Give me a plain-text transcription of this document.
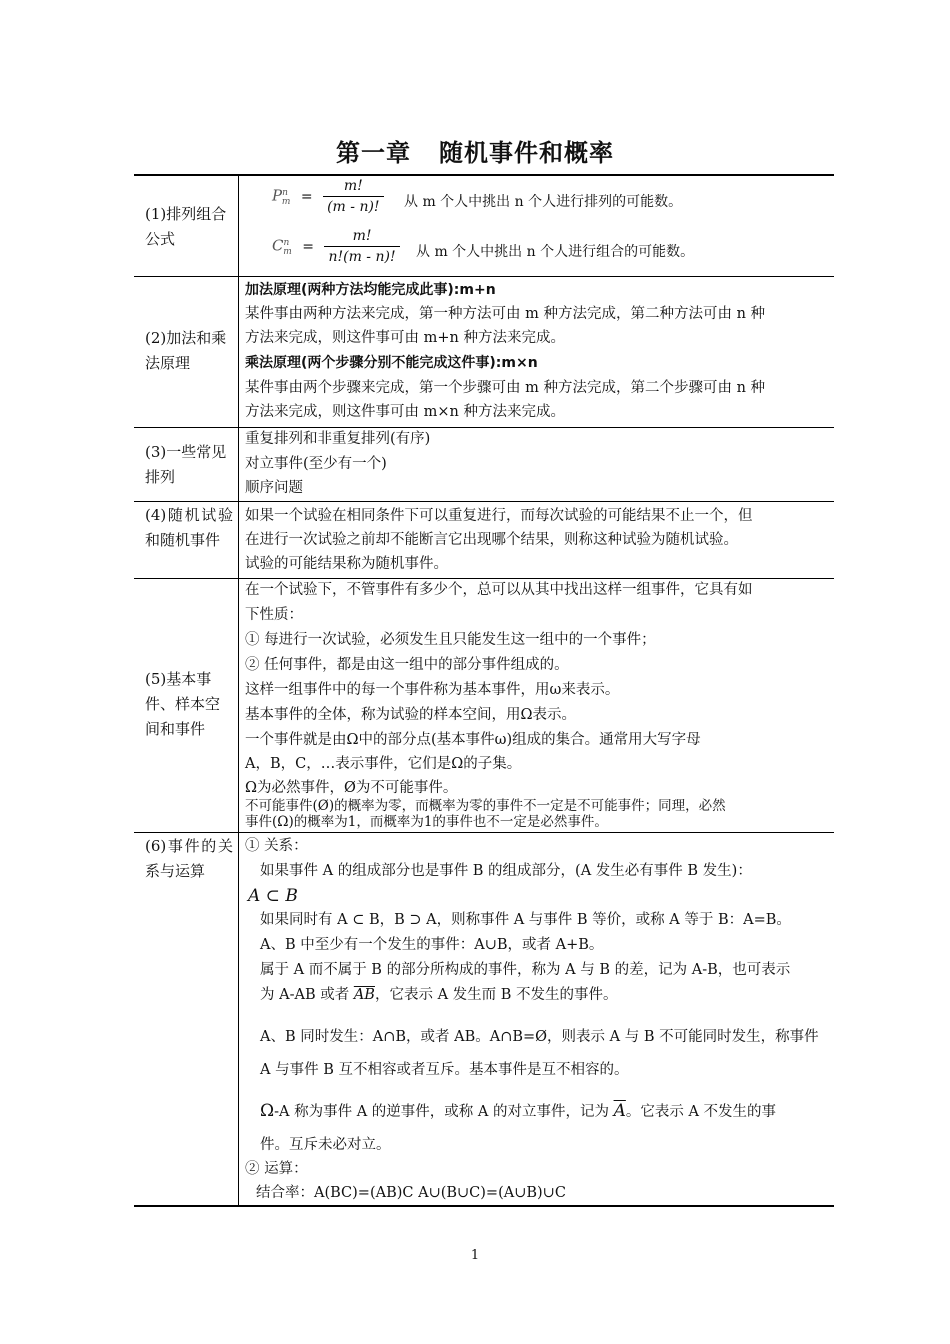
第一章 随机事件和概率
(1)排列组合公式
$P^n_m = \frac{m!}{(m - n)!}$ 从 m 个人中挑出 n 个人进行排列的可能数。
$C^n_m = \frac{m!}{n!(m - n)!}$ 从 m 个人中挑出 n 个人进行组合的可能数。
(2)加法和乘法原理
加法原理(两种方法均能完成此事):m+n
某件事由两种方法来完成，第一种方法可由 m 种方法完成，第二种方法可由 n 种
方法来完成，则这件事可由 m+n 种方法来完成。
乘法原理(两个步骤分别不能完成这件事):m×n
某件事由两个步骤来完成，第一个步骤可由 m 种方法完成，第二个步骤可由 n 种
方法来完成，则这件事可由 m×n 种方法来完成。
(3)一些常见排列
重复排列和非重复排列(有序)
对立事件(至少有一个)
顺序问题
(4)随机试验和随机事件
如果一个试验在相同条件下可以重复进行，而每次试验的可能结果不止一个，但
在进行一次试验之前却不能断言它出现哪个结果，则称这种试验为随机试验。
试验的可能结果称为随机事件。
(5)基本事件、样本空间和事件
在一个试验下，不管事件有多少个，总可以从其中找出这样一组事件，它具有如
下性质：
① 每进行一次试验，必须发生且只能发生这一组中的一个事件；
② 任何事件，都是由这一组中的部分事件组成的。
这样一组事件中的每一个事件称为基本事件，用ω来表示。
基本事件的全体，称为试验的样本空间，用Ω表示。
一个事件就是由Ω中的部分点(基本事件ω)组成的集合。通常用大写字母
A，B，C，…表示事件，它们是Ω的子集。
Ω为必然事件，Ø为不可能事件。
不可能事件(Ø)的概率为零，而概率为零的事件不一定是不可能事件；同理，必然
事件(Ω)的概率为1，而概率为1的事件也不一定是必然事件。
(6)事件的关系与运算
① 关系：
如果事件 A 的组成部分也是事件 B 的组成部分，(A 发生必有事件 B 发生)：
A ⊂ B
如果同时有 A ⊂ B，B ⊃ A，则称事件 A 与事件 B 等价，或称 A 等于 B：A=B。
A、B 中至少有一个发生的事件：A∪B，或者 A+B。
属于 A 而不属于 B 的部分所构成的事件，称为 A 与 B 的差，记为 A-B，也可表示
为 A-AB 或者 $\overline{AB}$，它表示 A 发生而 B 不发生的事件。
A、B 同时发生：A∩B，或者 AB。A∩B=Ø，则表示 A 与 B 不可能同时发生，称事件
A 与事件 B 互不相容或者互斥。基本事件是互不相容的。
Ω-A 称为事件 A 的逆事件，或称 A 的对立事件，记为 $\overline{A}$。它表示 A 不发生的事
件。互斥未必对立。
② 运算：
结合率：A(BC)=(AB)C A∪(B∪C)=(A∪B)∪C
1
